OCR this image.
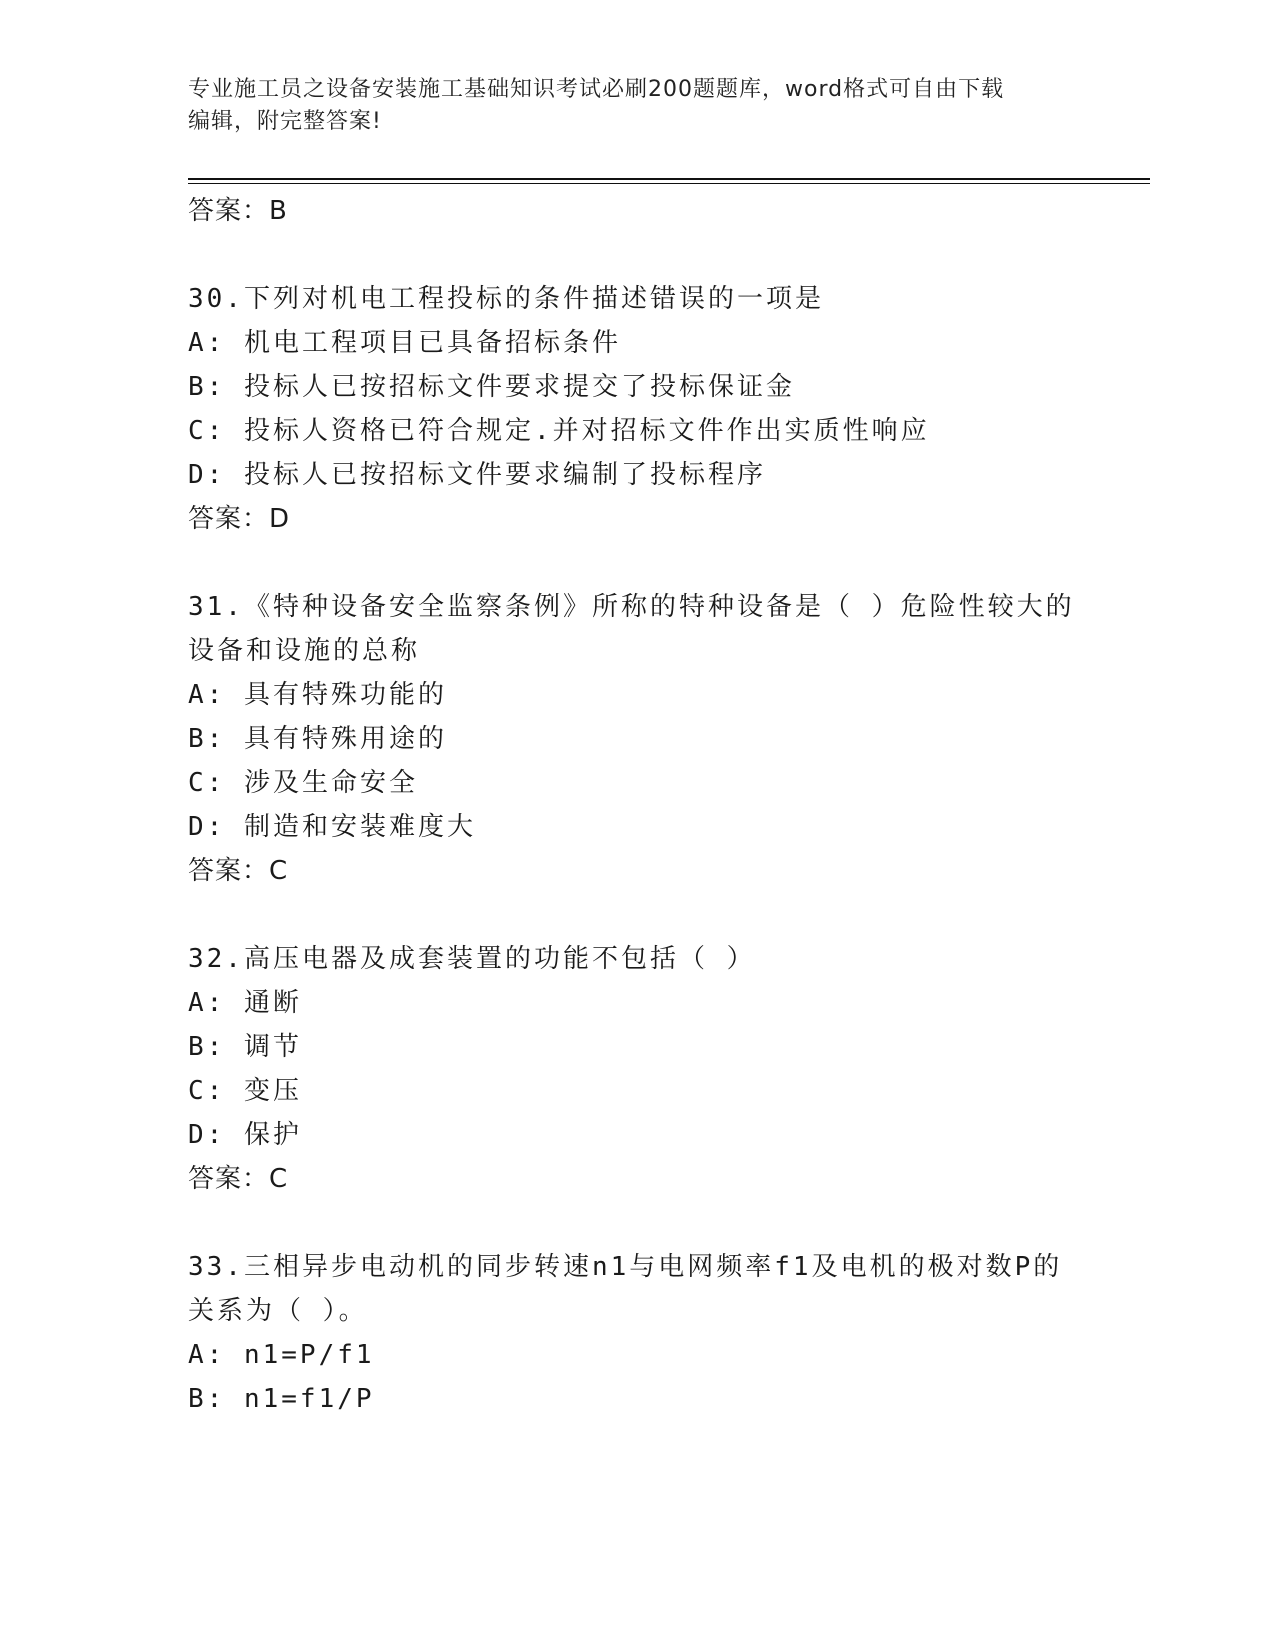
专业施工员之设备安装施工基础知识考试必刷200题题库，word格式可自由下载
编辑，附完整答案!
答案：B
30.下列对机电工程投标的条件描述错误的一项是
A: 机电工程项目已具备招标条件
B: 投标人已按招标文件要求提交了投标保证金
C: 投标人资格已符合规定.并对招标文件作出实质性响应
D: 投标人已按招标文件要求编制了投标程序
答案：D
31.《特种设备安全监察条例》所称的特种设备是（ ）危险性较大的
设备和设施的总称
A: 具有特殊功能的
B: 具有特殊用途的
C: 涉及生命安全
D: 制造和安装难度大
答案：C
32.高压电器及成套装置的功能不包括（ ）
A: 通断
B: 调节
C: 变压
D: 保护
答案：C
33.三相异步电动机的同步转速n1与电网频率f1及电机的极对数P的
关系为（ ）。
A: n1=P/f1
B: n1=f1/P
